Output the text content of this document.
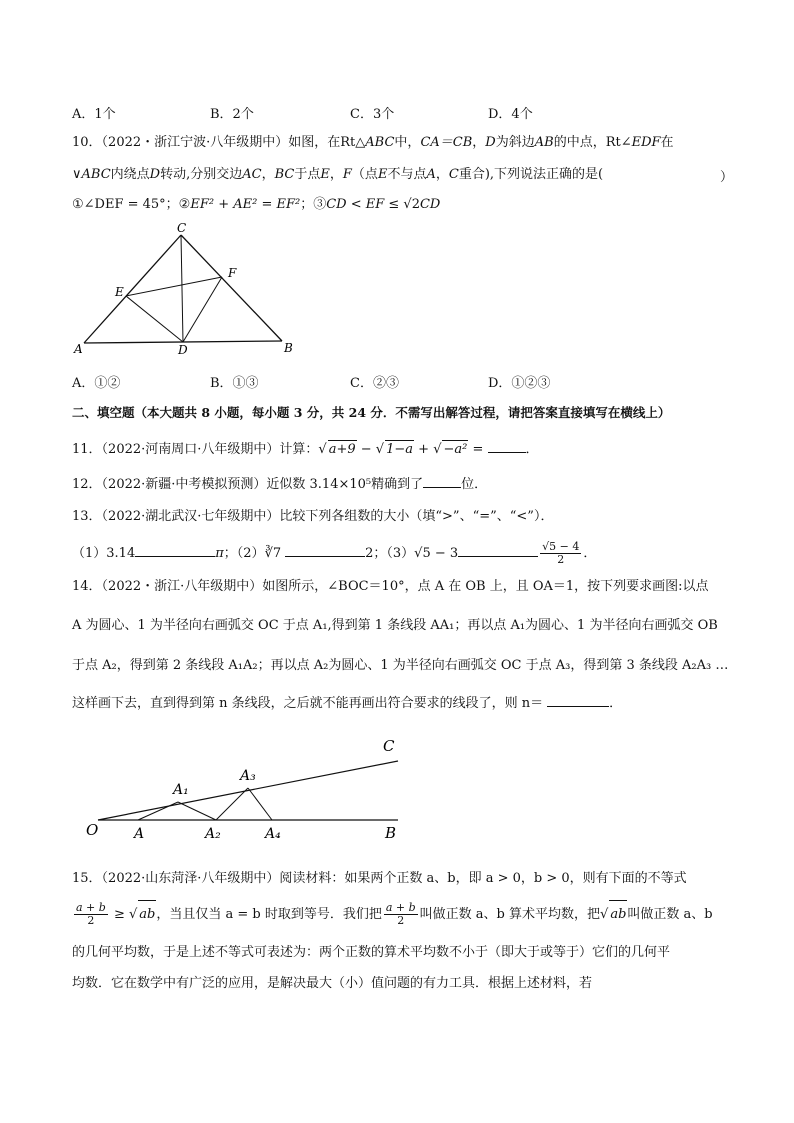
A．1个	B．2个	C．3个	D．4个
10．（2022・浙江宁波·八年级期中）如图，在Rt△ABC中，CA＝CB，D为斜边AB的中点，Rt∠EDF在
∨ABC内绕点D转动,分别交边AC，BC于点E，F（点E不与点A，C重合),下列说法正确的是(	）
①∠DEF = 45°；②EF² + AE² = EF²；③CD < EF ≤ √2CD
C
E
F
A	D	B
A．①②	B．①③	C．②③	D．①②③
二、填空题（本大题共 8 小题，每小题 3 分，共 24 分．不需写出解答过程，请把答案直接填写在横线上）
11．（2022·河南周口·八年级期中）计算：√ a+9 − √ 1−a + √ −a² =	．
12．（2022·新疆·中考模拟预测）近似数 3.14×10⁵精确到了	位．
13．（2022·湖北武汉·七年级期中）比较下列各组数的大小（填“>”、“=”、“<”）．
（1）3.14	π；（2）∛7	2；（3）√5 − 3	$\frac{√5 - 4}{2}$ ．
14．（2022・浙江·八年级期中）如图所示，∠BOC＝10°，点 A 在 OB 上，且 OA＝1，按下列要求画图:以点
A 为圆心、1 为半径向右画弧交 OC 于点 A₁,得到第 1 条线段 AA₁；再以点 A₁为圆心、1 为半径向右画弧交 OB
于点 A₂，得到第 2 条线段 A₁A₂；再以点 A₂为圆心、1 为半径向右画弧交 OC 于点 A₃，得到第 3 条线段 A₂A₃ …
这样画下去，直到得到第 n 条线段，之后就不能再画出符合要求的线段了，则 n＝	．
C
A₃
A₁
O	A	A₂	A₄	B
15．（2022·山东菏泽·八年级期中）阅读材料：如果两个正数 a、b，即 a > 0，b > 0，则有下面的不等式
$\frac{a + b}{2}$ ≥ √ ab，当且仅当 a = b 时取到等号．我们把 $\frac{a + b}{2}$ 叫做正数 a、b 算术平均数，把√ ab叫做正数 a、b
的几何平均数，于是上述不等式可表述为：两个正数的算术平均数不小于（即大于或等于）它们的几何平
均数．它在数学中有广泛的应用，是解决最大（小）值问题的有力工具．根据上述材料，若
